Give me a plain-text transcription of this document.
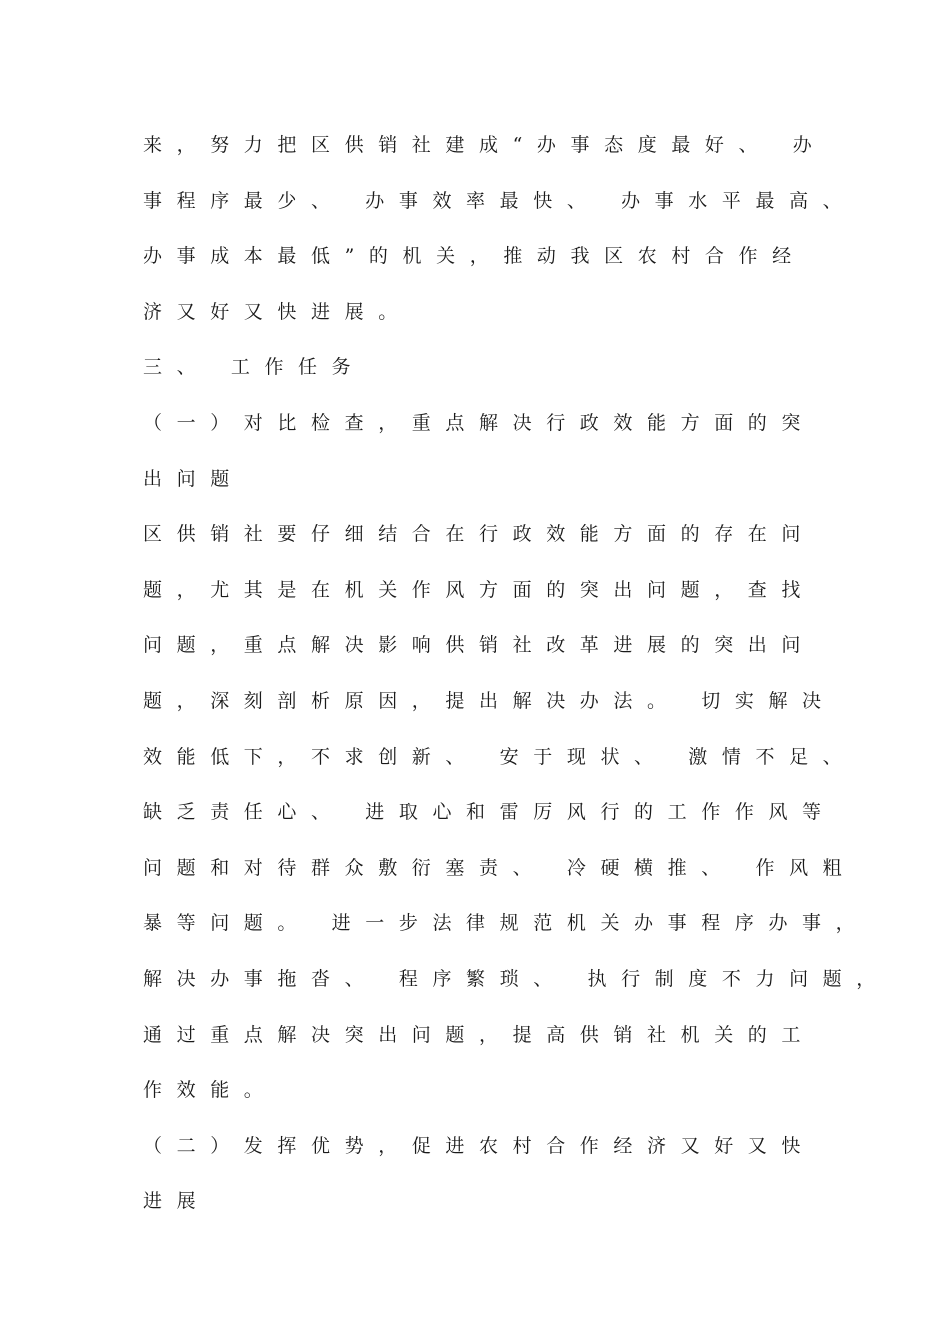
来，努力把区供销社建成“办事态度最好、 办
事程序最少、 办事效率最快、 办事水平最高、
办事成本最低”的机关，推动我区农村合作经
济又好又快进展。
三、 工作任务
（一）对比检查，重点解决行政效能方面的突
出问题
区供销社要仔细结合在行政效能方面的存在问
题，尤其是在机关作风方面的突出问题，查找
问题，重点解决影响供销社改革进展的突出问
题，深刻剖析原因，提出解决办法。 切实解决
效能低下，不求创新、 安于现状、 激情不足、
缺乏责任心、 进取心和雷厉风行的工作作风等
问题和对待群众敷衍塞责、 冷硬横推、 作风粗
暴等问题。 进一步法律规范机关办事程序办事，
解决办事拖沓、 程序繁琐、 执行制度不力问题，
通过重点解决突出问题，提高供销社机关的工
作效能。
（二）发挥优势，促进农村合作经济又好又快
进展
